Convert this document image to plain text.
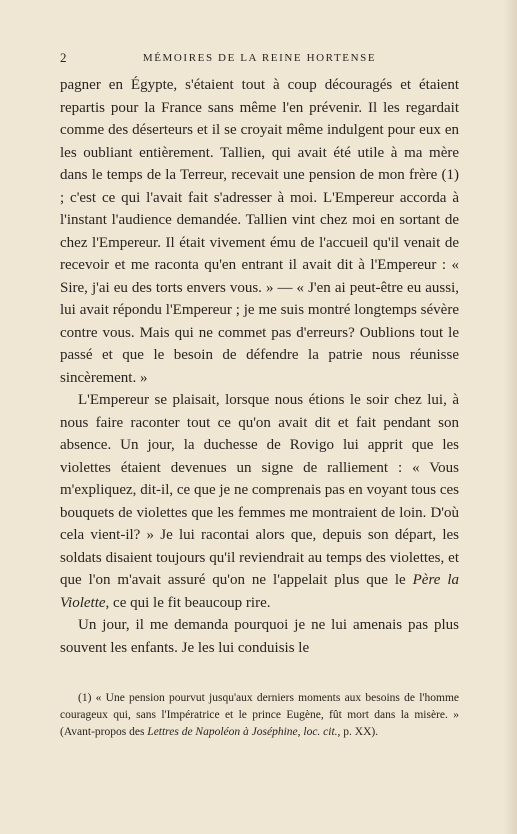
2	MÉMOIRES DE LA REINE HORTENSE

pagner en Égypte, s'étaient tout à coup découragés et étaient repartis pour la France sans même l'en prévenir. Il les regardait comme des déserteurs et il se croyait même indulgent pour eux en les oubliant entièrement. Tallien, qui avait été utile à ma mère dans le temps de la Terreur, recevait une pension de mon frère (1) ; c'est ce qui l'avait fait s'adresser à moi. L'Empereur accorda à l'instant l'audience demandée. Tallien vint chez moi en sortant de chez l'Empereur. Il était vivement ému de l'accueil qu'il venait de recevoir et me raconta qu'en entrant il avait dit à l'Empereur : « Sire, j'ai eu des torts envers vous. » — « J'en ai peut-être eu aussi, lui avait répondu l'Empereur ; je me suis montré longtemps sévère contre vous. Mais qui ne commet pas d'erreurs? Oublions tout le passé et que le besoin de défendre la patrie nous réunisse sincèrement. »

L'Empereur se plaisait, lorsque nous étions le soir chez lui, à nous faire raconter tout ce qu'on avait dit et fait pendant son absence. Un jour, la duchesse de Rovigo lui apprit que les violettes étaient devenues un signe de ralliement : « Vous m'expliquez, dit-il, ce que je ne comprenais pas en voyant tous ces bouquets de violettes que les femmes me montraient de loin. D'où cela vient-il? » Je lui racontai alors que, depuis son départ, les soldats disaient toujours qu'il reviendrait au temps des violettes, et que l'on m'avait assuré qu'on ne l'appelait plus que le Père la Violette, ce qui le fit beaucoup rire.

Un jour, il me demanda pourquoi je ne lui amenais pas plus souvent les enfants. Je les lui conduisis le

(1) « Une pension pourvut jusqu'aux derniers moments aux besoins de l'homme courageux qui, sans l'Impératrice et le prince Eugène, fût mort dans la misère. » (Avant-propos des Lettres de Napoléon à Joséphine, loc. cit., p. XX).
